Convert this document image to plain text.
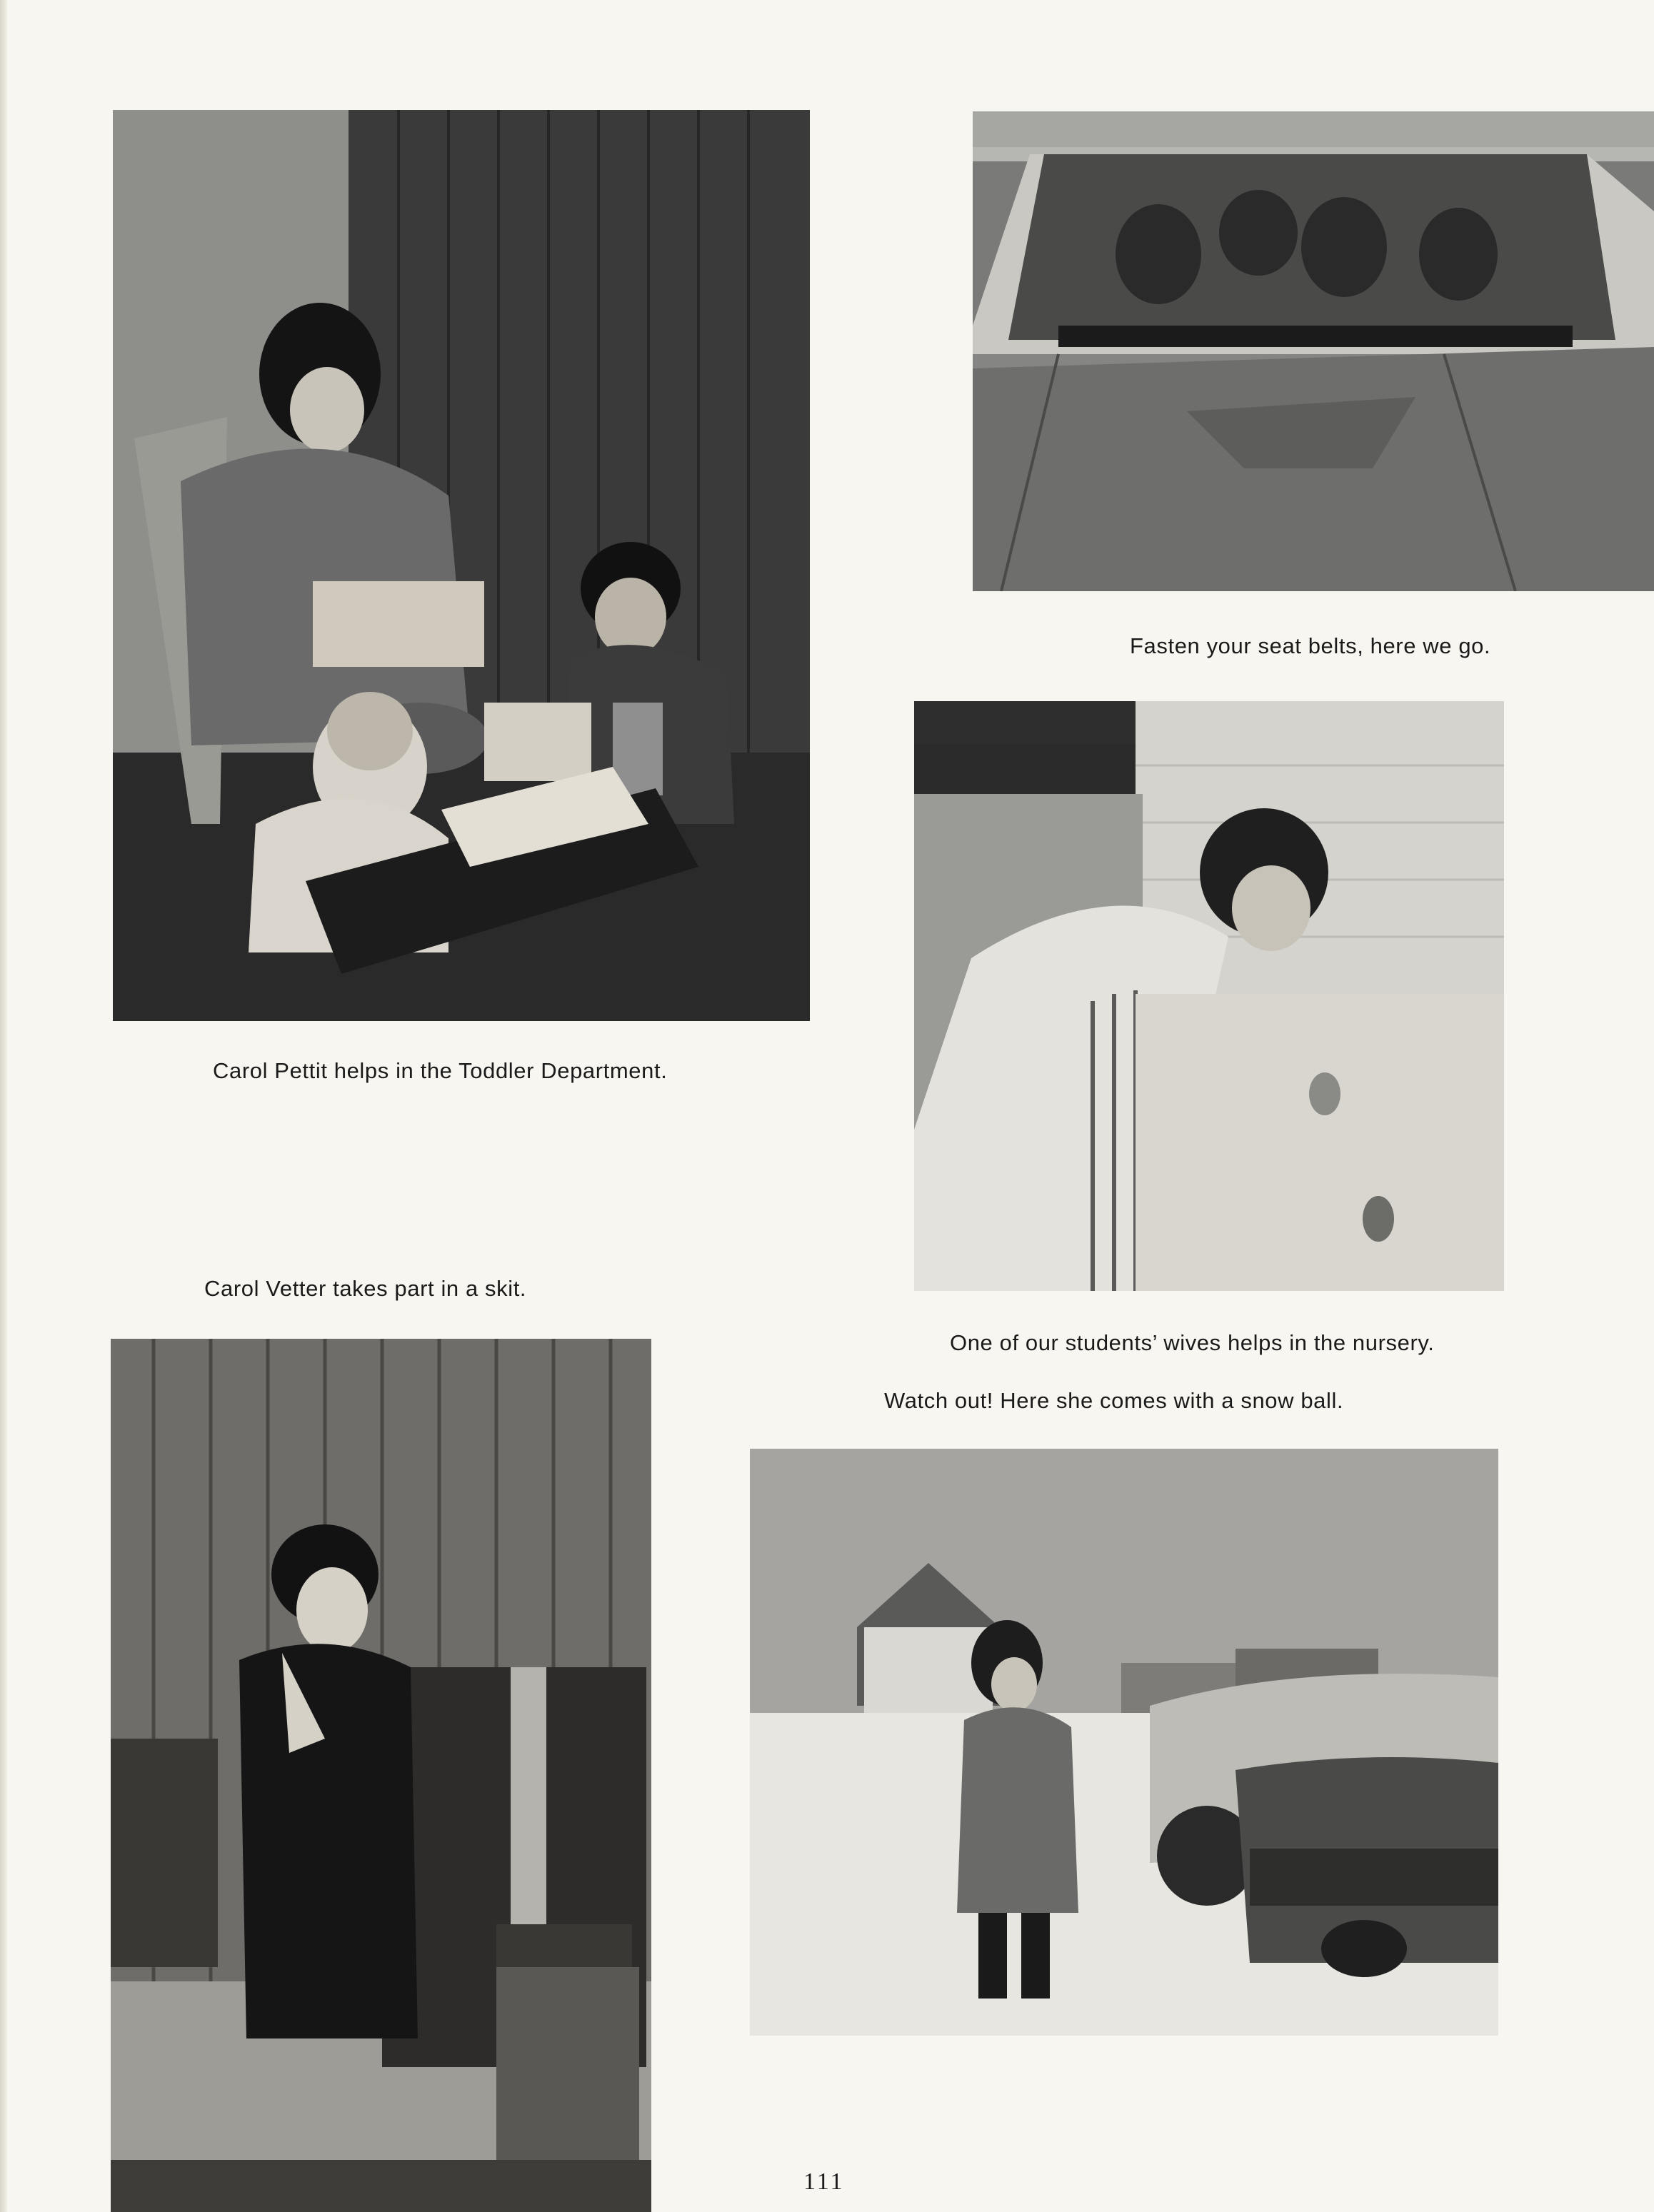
Carol Pettit helps in the Toddler Department.
Fasten your seat belts, here we go.
One of our students’ wives helps in the nursery.
Carol Vetter takes part in a skit.
Watch out! Here she comes with a snow ball.
111
